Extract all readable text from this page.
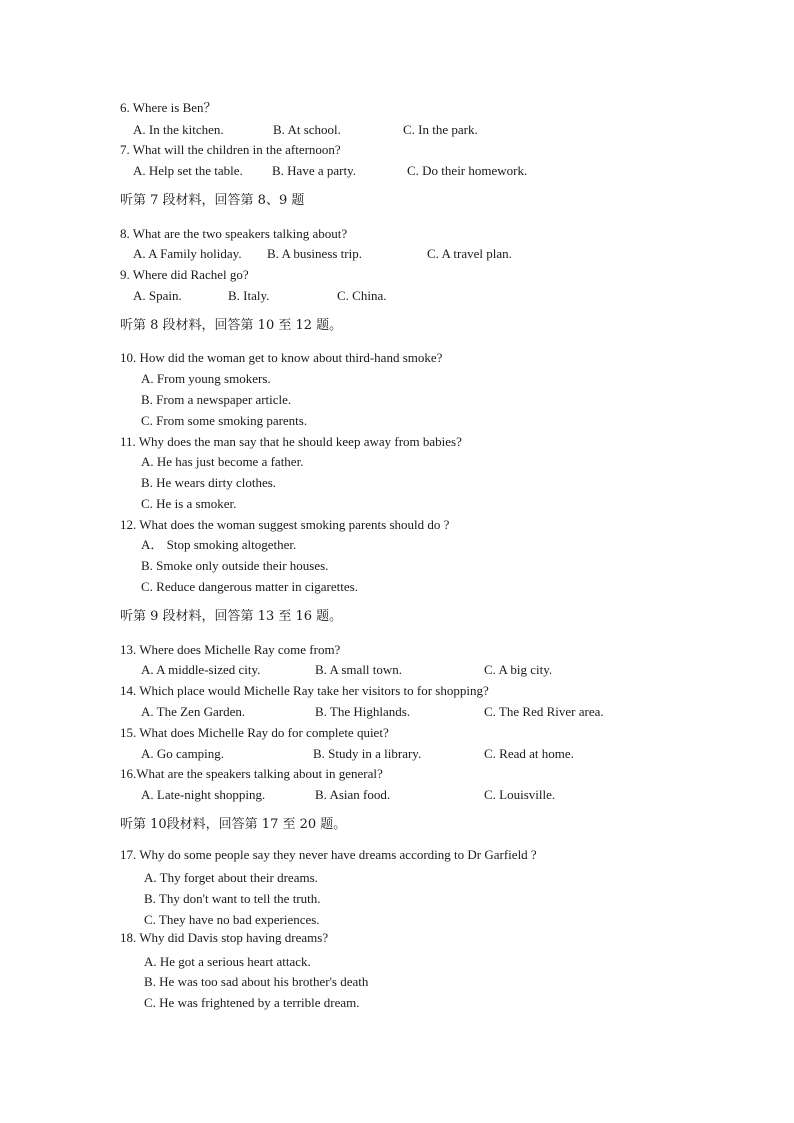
6. Where is Ben？
A. In the kitchen.	B. At school.	C. In the park.
7. What will the children in the afternoon?
A. Help set the table. B. Have a party.	C. Do their homework.
听第 7 段材料，回答第 8、9 题
8. What are the two speakers talking about?
A. A Family holiday. B. A business trip.	C. A travel plan.
9. Where did Rachel go?
A. Spain.	B. Italy.	C. China.
听第 8 段材料，回答第 10 至 12 题。
10. How did the woman get to know about third-hand smoke?
A. From young smokers.
B. From a newspaper article.
C. From some smoking parents.
11. Why does the man say that he should keep away from babies?
A. He has just become a father.
B. He wears dirty clothes.
C. He is a smoker.
12. What does the woman suggest smoking parents should do ?
A． Stop smoking altogether.
B. Smoke only outside their houses.
C. Reduce dangerous matter in cigarettes.
听第 9 段材料，回答第 13 至 16 题。
13. Where does Michelle Ray come from?
A. A middle-sized city.	B. A small town.	C. A big city.
14. Which place would Michelle Ray take her visitors to for shopping?
A. The Zen Garden.	B. The Highlands.	C. The Red River area.
15. What does Michelle Ray do for complete quiet?
A. Go camping.	B. Study in a library.	C. Read at home.
16.What are the speakers talking about in general?
A. Late-night shopping.	B. Asian food.	C. Louisville.
听第 10段材料，回答第 17 至 20 题。
17. Why do some people say they never have dreams according to Dr Garfield ?
A. Thy forget about their dreams.
B. Thy don't want to tell the truth.
C. They have no bad experiences.
18. Why did Davis stop having dreams?
A. He got a serious heart attack.
B. He was too sad about his brother's death
C. He was frightened by a terrible dream.
